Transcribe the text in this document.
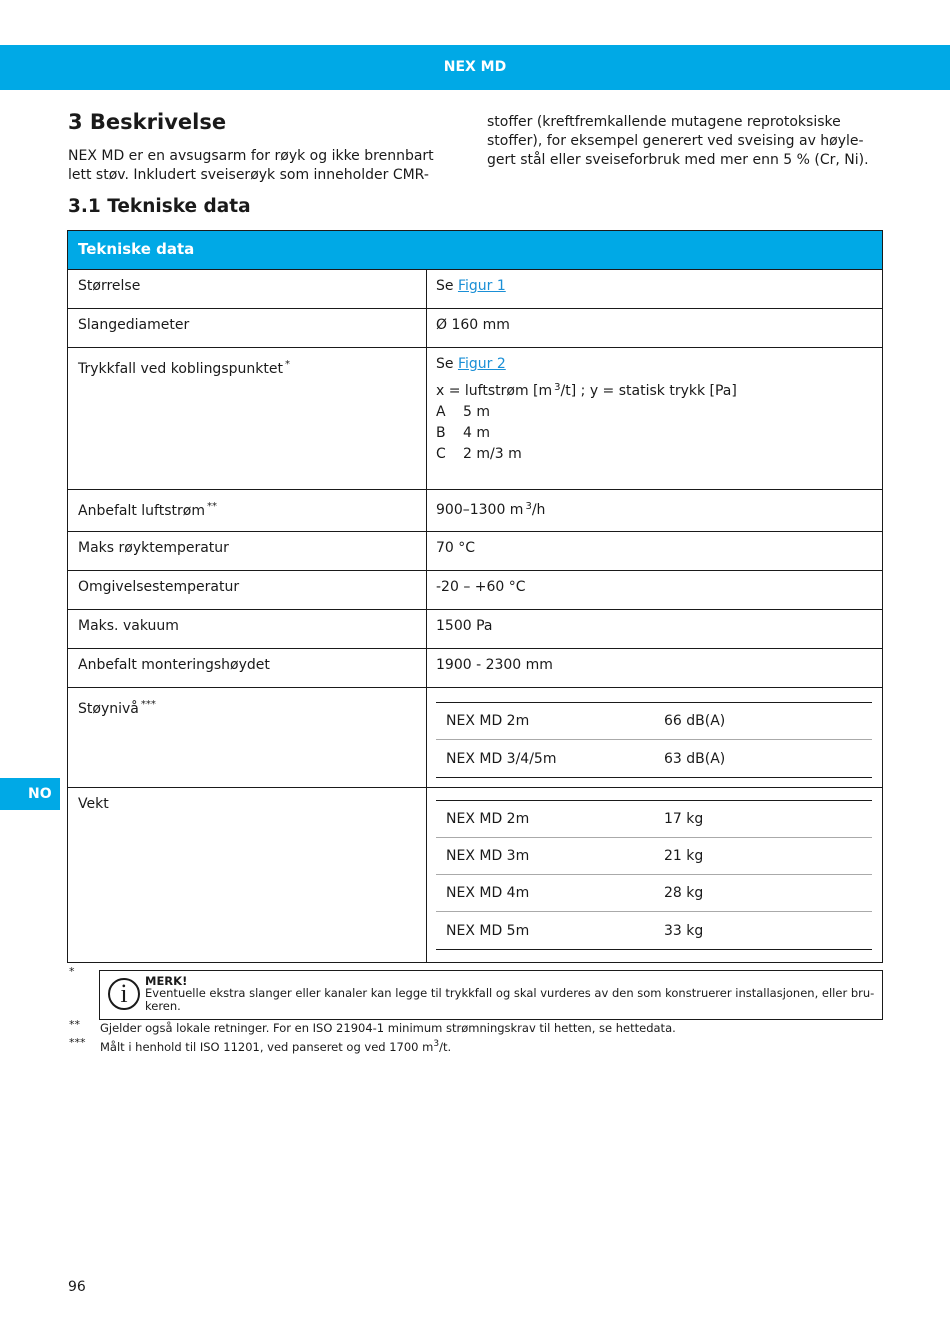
NEX MD
NO
3 Beskrivelse

NEX MD er en avsugsarm for røyk og ikke brennbart lett støv. Inkludert sveiserøyk som inneholder CMR-

stoffer (kreftfremkallende mutagene reprotoksiske stoffer), for eksempel generert ved sveising av høylegert stål eller sveiseforbruk med mer enn 5 % (Cr, Ni).

3.1 Tekniske data
Tekniske data
Størrelse	Se Figur 1
Slangediameter	Ø 160 mm
Trykkfall ved koblingspunktet *	Se Figur 2
x = luftstrøm [m $^3$/t] ; y = statisk trykk [Pa]
A	5 m
B	4 m
C	2 m/3 m
Anbefalt luftstrøm **	900–1300 m $^3$/h
Maks røyktemperatur	70 °C
Omgivelsestemperatur	-20 – +60 °C
Maks. vakuum	1500 Pa
Anbefalt monteringshøydet	1900 - 2300 mm
Støynivå ***
NEX MD 2m	66 dB(A)
NEX MD 3/4/5m	63 dB(A)
Vekt
NEX MD 2m	17 kg
NEX MD 3m	21 kg
NEX MD 4m	28 kg
NEX MD 5m	33 kg
*
i	MERK!
Eventuelle ekstra slanger eller kanaler kan legge til trykkfall og skal vurderes av den som konstruerer installasjonen, eller brukeren.
** Gjelder også lokale retninger. For en ISO 21904-1 minimum strømningskrav til hetten, se hettedata.
*** Målt i henhold til ISO 11201, ved panseret og ved 1700 $m^3/t$.
96
